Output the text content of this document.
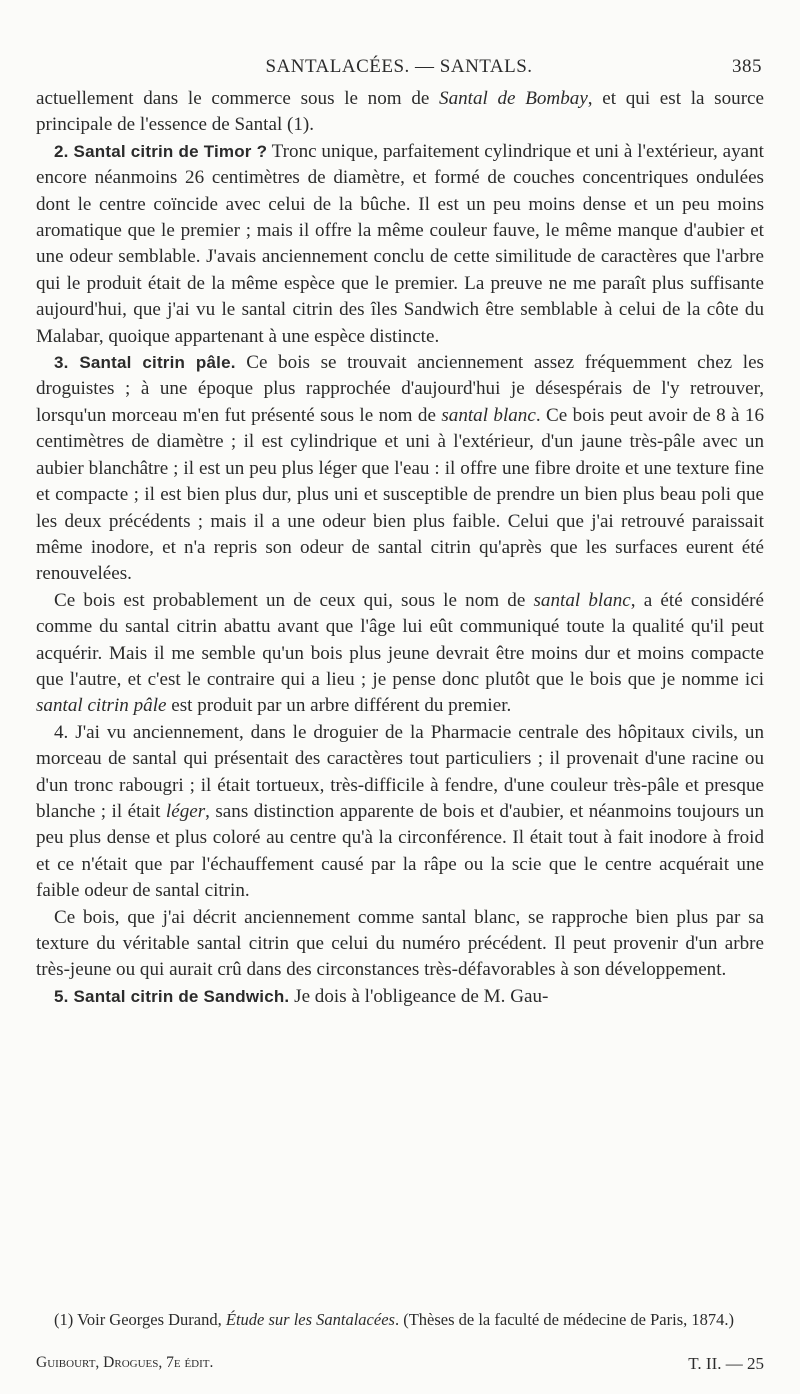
SANTALACÉES. — SANTALS.	385

actuellement dans le commerce sous le nom de Santal de Bombay, et qui est la source principale de l'essence de Santal (1).

2. Santal citrin de Timor ? Tronc unique, parfaitement cylindrique et uni à l'extérieur, ayant encore néanmoins 26 centimètres de diamètre, et formé de couches concentriques ondulées dont le centre coïncide avec celui de la bûche. Il est un peu moins dense et un peu moins aromatique que le premier ; mais il offre la même couleur fauve, le même manque d'aubier et une odeur semblable. J'avais anciennement conclu de cette similitude de caractères que l'arbre qui le produit était de la même espèce que le premier. La preuve ne me paraît plus suffisante aujourd'hui, que j'ai vu le santal citrin des îles Sandwich être semblable à celui de la côte du Malabar, quoique appartenant à une espèce distincte.

3. Santal citrin pâle. Ce bois se trouvait anciennement assez fréquemment chez les droguistes ; à une époque plus rapprochée d'aujourd'hui je désespérais de l'y retrouver, lorsqu'un morceau m'en fut présenté sous le nom de santal blanc. Ce bois peut avoir de 8 à 16 centimètres de diamètre ; il est cylindrique et uni à l'extérieur, d'un jaune très-pâle avec un aubier blanchâtre ; il est un peu plus léger que l'eau : il offre une fibre droite et une texture fine et compacte ; il est bien plus dur, plus uni et susceptible de prendre un bien plus beau poli que les deux précédents ; mais il a une odeur bien plus faible. Celui que j'ai retrouvé paraissait même inodore, et n'a repris son odeur de santal citrin qu'après que les surfaces eurent été renouvelées.

Ce bois est probablement un de ceux qui, sous le nom de santal blanc, a été considéré comme du santal citrin abattu avant que l'âge lui eût communiqué toute la qualité qu'il peut acquérir. Mais il me semble qu'un bois plus jeune devrait être moins dur et moins compacte que l'autre, et c'est le contraire qui a lieu ; je pense donc plutôt que le bois que je nomme ici santal citrin pâle est produit par un arbre différent du premier.

4. J'ai vu anciennement, dans le droguier de la Pharmacie centrale des hôpitaux civils, un morceau de santal qui présentait des caractères tout particuliers ; il provenait d'une racine ou d'un tronc rabougri ; il était tortueux, très-difficile à fendre, d'une couleur très-pâle et presque blanche ; il était léger, sans distinction apparente de bois et d'aubier, et néanmoins toujours un peu plus dense et plus coloré au centre qu'à la circonférence. Il était tout à fait inodore à froid et ce n'était que par l'échauffement causé par la râpe ou la scie que le centre acquérait une faible odeur de santal citrin.

Ce bois, que j'ai décrit anciennement comme santal blanc, se rapproche bien plus par sa texture du véritable santal citrin que celui du numéro précédent. Il peut provenir d'un arbre très-jeune ou qui aurait crû dans des circonstances très-défavorables à son développement.

5. Santal citrin de Sandwich. Je dois à l'obligeance de M. Gau-

(1) Voir Georges Durand, Étude sur les Santalacées. (Thèses de la faculté de médecine de Paris, 1874.)
Guibourt, Drogues, 7e édit.	T. II. — 25
